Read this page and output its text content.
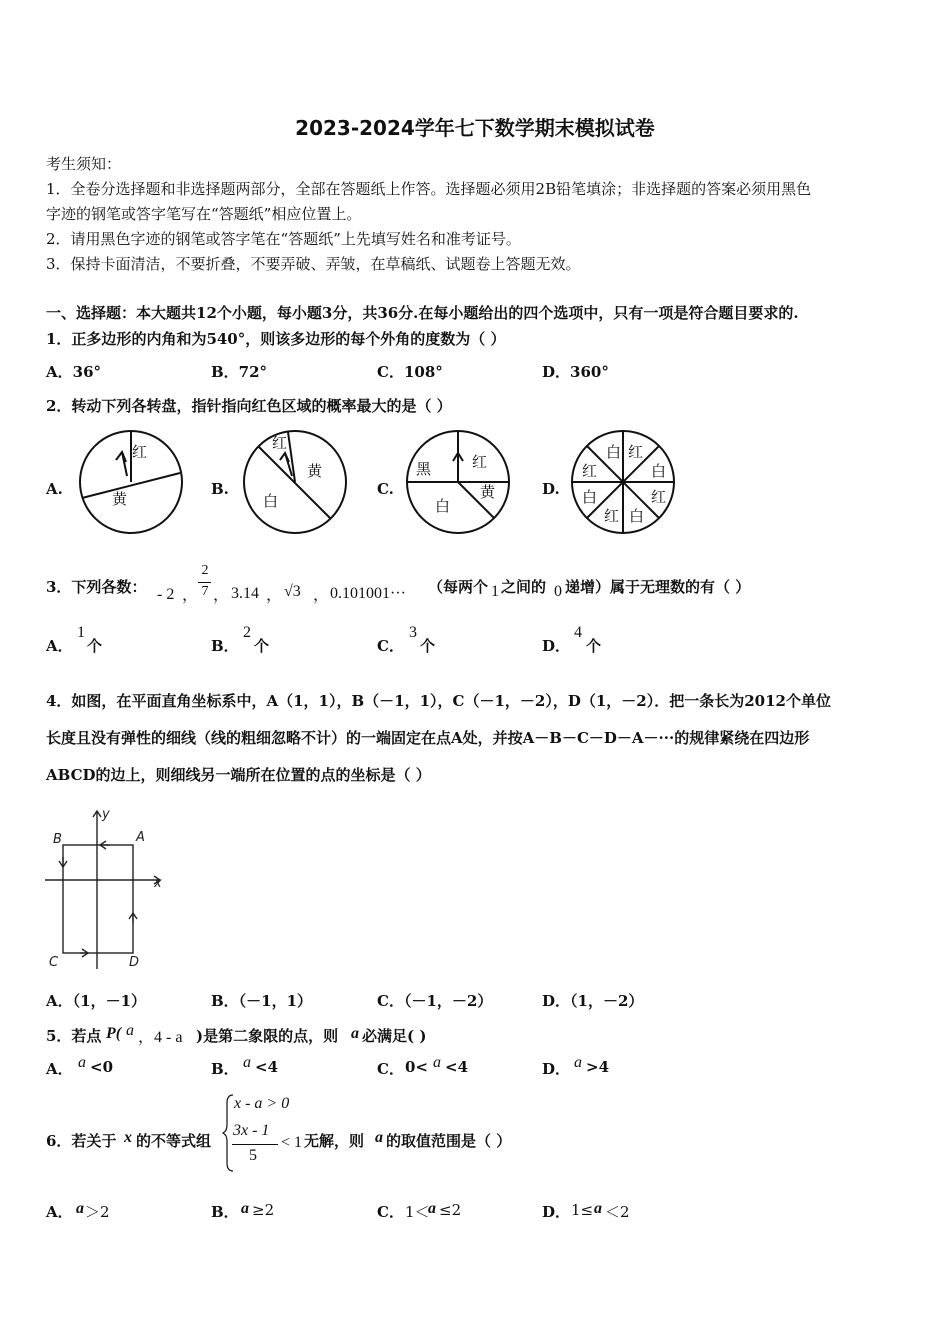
2023-2024学年七下数学期末模拟试卷
考生须知：
1．全卷分选择题和非选择题两部分，全部在答题纸上作答。选择题必须用2B铅笔填涂；非选择题的答案必须用黑色
字迹的钢笔或答字笔写在“答题纸”相应位置上。
2．请用黑色字迹的钢笔或答字笔在“答题纸”上先填写姓名和准考证号。
3．保持卡面清洁，不要折叠，不要弄破、弄皱，在草稿纸、试题卷上答题无效。
一、选择题：本大题共12个小题，每小题3分，共36分.在每小题给出的四个选项中，只有一项是符合题目要求的.
1．正多边形的内角和为540°，则该多边形的每个外角的度数为（ ）
A．36°	B．72°	C．108°	D．360°
2．转动下列各转盘，指针指向红色区域的概率最大的是（ ）
A.	B.	C.	D.
红
黄
红
黄
白
黑	红
黄
白
白 红
红	白
白	红
红 白
3．下列各数： - 2 ，
2
7 ， 3.14 ， √3 ， 0.101001··· （每两个 1 之间的 0 递增）属于无理数的有（ ）
A．
1
个	B．
2
个	C．
3
个	D．
4
个
4．如图，在平面直角坐标系中，A（1，1），B（－1，1），C（－1，－2），D（1，－2）．把一条长为2012个单位
长度且没有弹性的细线（线的粗细忽略不计）的一端固定在点A处，并按A－B－C－D－A－···的规律紧绕在四边形
ABCD的边上，则细线另一端所在位置的点的坐标是（ ）
A
B
C	D
x
y
A．（1，－1）	B．（－1，1）	C．（－1，－2）	D．（1，－2）
5．若点 P( a ，4 - a )是第二象限的点，则 a 必满足( )
A． a <0	B． a <4	C． 0< a <4	D． a >4
6．若关于 x 的不等式组
x - a > 0
3x - 1
5
< 1 无解，则 a 的取值范围是（ ）
A． a ＞2	B． a ≥2	C． 1＜
a ≤2	D． 1≤ a ＜2
